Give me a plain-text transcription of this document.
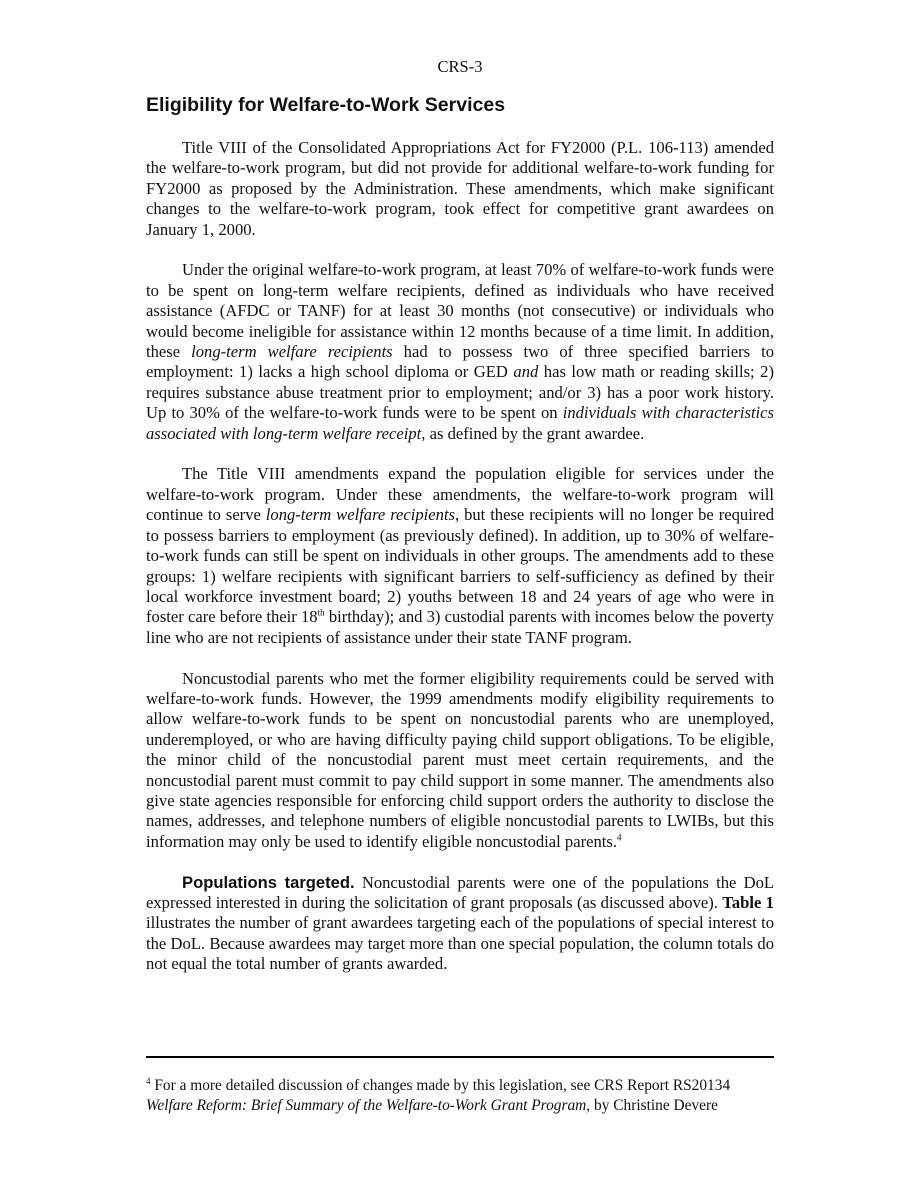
CRS-3
Eligibility for Welfare-to-Work Services

Title VIII of the Consolidated Appropriations Act for FY2000 (P.L. 106-113) amended the welfare-to-work program, but did not provide for additional welfare-to-work funding for FY2000 as proposed by the Administration. These amendments, which make significant changes to the welfare-to-work program, took effect for competitive grant awardees on January 1, 2000.

Under the original welfare-to-work program, at least 70% of welfare-to-work funds were to be spent on long-term welfare recipients, defined as individuals who have received assistance (AFDC or TANF) for at least 30 months (not consecutive) or individuals who would become ineligible for assistance within 12 months because of a time limit. In addition, these long-term welfare recipients had to possess two of three specified barriers to employment: 1) lacks a high school diploma or GED and has low math or reading skills; 2) requires substance abuse treatment prior to employment; and/or 3) has a poor work history. Up to 30% of the welfare-to-work funds were to be spent on individuals with characteristics associated with long-term welfare receipt, as defined by the grant awardee.

The Title VIII amendments expand the population eligible for services under the welfare-to-work program. Under these amendments, the welfare-to-work program will continue to serve long-term welfare recipients, but these recipients will no longer be required to possess barriers to employment (as previously defined). In addition, up to 30% of welfare-to-work funds can still be spent on individuals in other groups. The amendments add to these groups: 1) welfare recipients with significant barriers to self-sufficiency as defined by their local workforce investment board; 2) youths between 18 and 24 years of age who were in foster care before their 18th birthday); and 3) custodial parents with incomes below the poverty line who are not recipients of assistance under their state TANF program.

Noncustodial parents who met the former eligibility requirements could be served with welfare-to-work funds. However, the 1999 amendments modify eligibility requirements to allow welfare-to-work funds to be spent on noncustodial parents who are unemployed, underemployed, or who are having difficulty paying child support obligations. To be eligible, the minor child of the noncustodial parent must meet certain requirements, and the noncustodial parent must commit to pay child support in some manner. The amendments also give state agencies responsible for enforcing child support orders the authority to disclose the names, addresses, and telephone numbers of eligible noncustodial parents to LWIBs, but this information may only be used to identify eligible noncustodial parents.$^4$

Populations targeted. Noncustodial parents were one of the populations the DoL expressed interested in during the solicitation of grant proposals (as discussed above). Table 1 illustrates the number of grant awardees targeting each of the populations of special interest to the DoL. Because awardees may target more than one special population, the column totals do not equal the total number of grants awarded.

$^4$ For a more detailed discussion of changes made by this legislation, see CRS Report RS20134 Welfare Reform: Brief Summary of the Welfare-to-Work Grant Program, by Christine Devere
